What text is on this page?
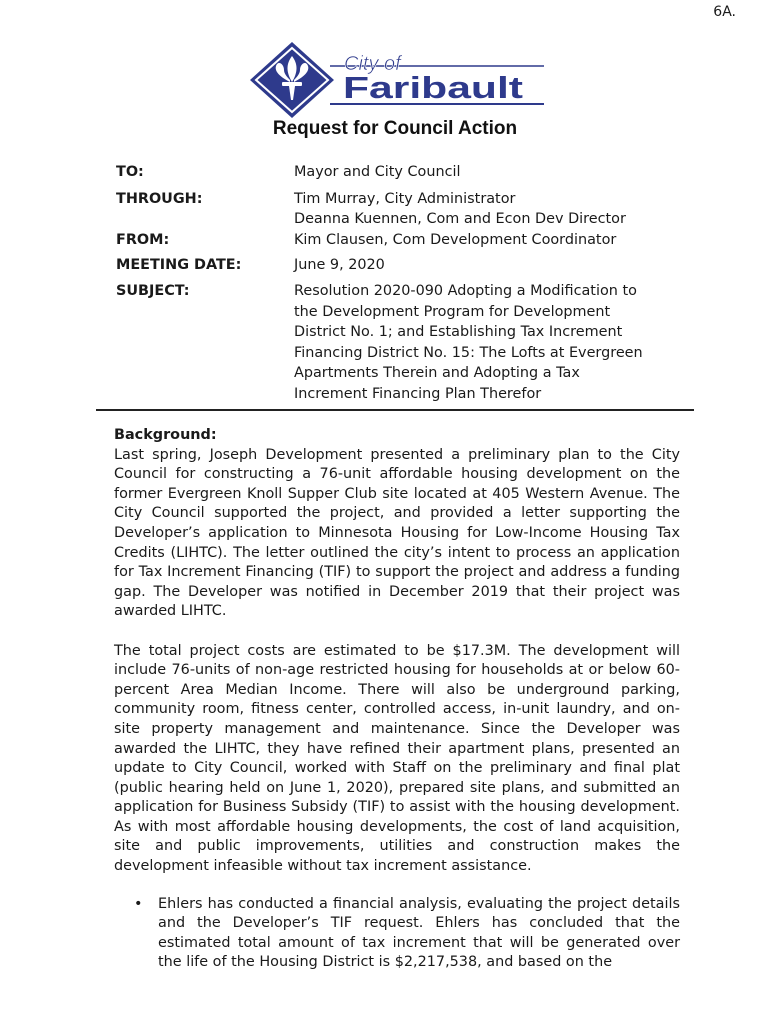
6A.
City of
Faribault
Request for Council Action
TO:	Mayor and City Council
THROUGH:	Tim Murray, City Administrator
Deanna Kuennen, Com and Econ Dev Director
FROM:	Kim Clausen, Com Development Coordinator
MEETING DATE:	June 9, 2020
SUBJECT:	Resolution 2020-090 Adopting a Modification to
the Development Program for Development
District No. 1; and Establishing Tax Increment
Financing District No. 15: The Lofts at Evergreen
Apartments Therein and Adopting a Tax
Increment Financing Plan Therefor
Background:
Last spring, Joseph Development presented a preliminary plan to the City Council for constructing a 76-unit affordable housing development on the former Evergreen Knoll Supper Club site located at 405 Western Avenue. The City Council supported the project, and provided a letter supporting the Developer’s application to Minnesota Housing for Low-Income Housing Tax Credits (LIHTC). The letter outlined the city’s intent to process an application for Tax Increment Financing (TIF) to support the project and address a funding gap. The Developer was notified in December 2019 that their project was awarded LIHTC.
The total project costs are estimated to be $17.3M. The development will include 76-units of non-age restricted housing for households at or below 60-percent Area Median Income. There will also be underground parking, community room, fitness center, controlled access, in-unit laundry, and on-site property management and maintenance. Since the Developer was awarded the LIHTC, they have refined their apartment plans, presented an update to City Council, worked with Staff on the preliminary and final plat (public hearing held on June 1, 2020), prepared site plans, and submitted an application for Business Subsidy (TIF) to assist with the housing development. As with most affordable housing developments, the cost of land acquisition, site and public improvements, utilities and construction makes the development infeasible without tax increment assistance.
•	Ehlers has conducted a financial analysis, evaluating the project details and the Developer’s TIF request. Ehlers has concluded that the estimated total amount of tax increment that will be generated over the life of the Housing District is $2,217,538, and based on the
